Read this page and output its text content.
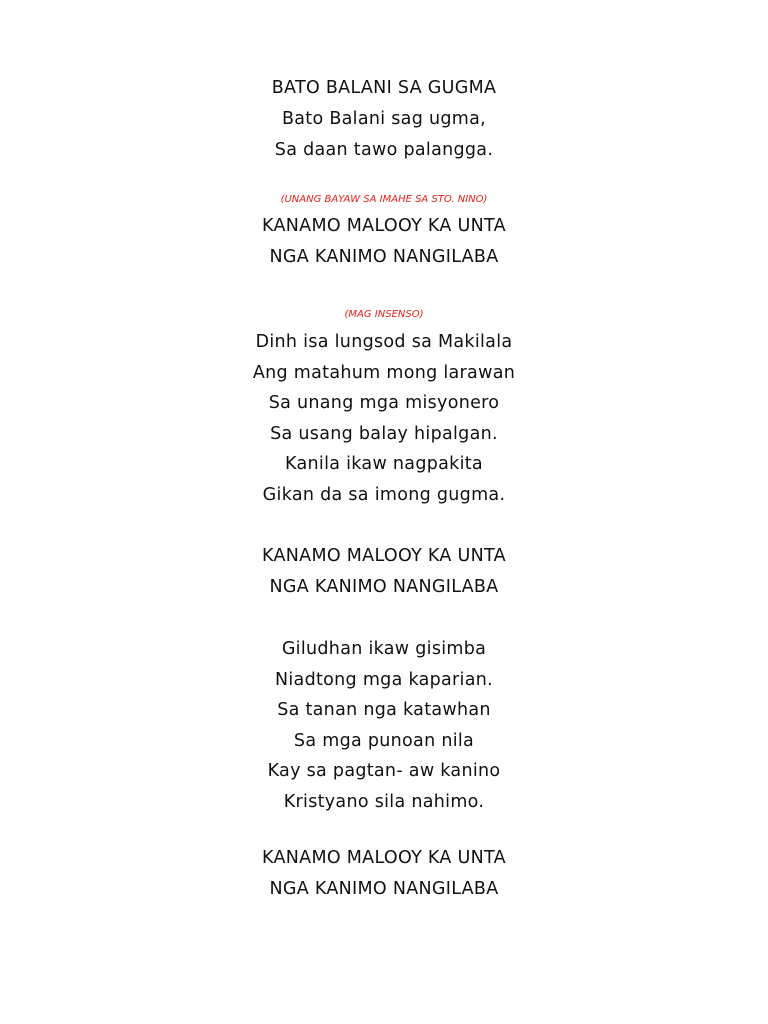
BATO BALANI SA GUGMA
Bato Balani sag ugma,
Sa daan tawo palangga.
(UNANG BAYAW SA IMAHE SA STO. NINO)
KANAMO MALOOY KA UNTA
NGA KANIMO NANGILABA
(MAG INSENSO)
Dinh isa lungsod sa Makilala
Ang matahum mong larawan
Sa unang mga misyonero
Sa usang balay hipalgan.
Kanila ikaw nagpakita
Gikan da sa imong gugma.
KANAMO MALOOY KA UNTA
NGA KANIMO NANGILABA
Giludhan ikaw gisimba
Niadtong mga kaparian.
Sa tanan nga katawhan
Sa mga punoan nila
Kay sa pagtan- aw kanino
Kristyano sila nahimo.
KANAMO MALOOY KA UNTA
NGA KANIMO NANGILABA
